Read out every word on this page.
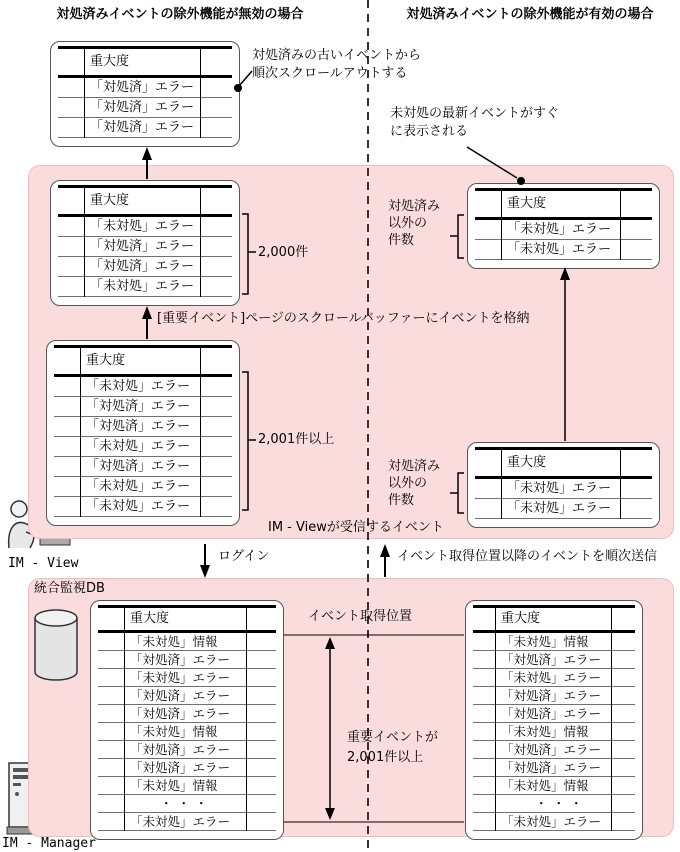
対処済みイベントの除外機能が無効の場合	対処済みイベントの除外機能が有効の場合
重大度
「対処済」エラー
「対処済」エラー
「対処済」エラー
重大度
「未対処」エラー
「対処済」エラー
「対処済」エラー
「未対処」エラー
重大度
「未対処」エラー
「対処済」エラー
「対処済」エラー
「未対処」エラー
「対処済」エラー
「未対処」エラー
「未対処」エラー
重大度
「未対処」エラー
「未対処」エラー
重大度
「未対処」エラー
「未対処」エラー
重大度
「未対処」情報
「対処済」エラー
「未対処」エラー
「対処済」エラー
「対処済」エラー
「未対処」情報
「対処済」エラー
「対処済」エラー
「未対処」情報
・・・
「未対処」エラー
重大度
「未対処」情報
「対処済」エラー
「未対処」エラー
「対処済」エラー
「対処済」エラー
「未対処」情報
「対処済」エラー
「対処済」エラー
「未対処」情報
・・・
「未対処」エラー
対処済みの古いイベントから
順次スクロールアウトする
未対処の最新イベントがすぐ
に表示される
2,000件
2,001件以上
対処済み
以外の
件数
対処済み
以外の
件数
[重要イベント]ページのスクロールバッファーにイベントを格納
IM - Viewが受信するイベント
ログイン	イベント取得位置以降のイベントを順次送信
統合監視DB
イベント取得位置
重要イベントが
2,001件以上
IM - View
IM - Manager
